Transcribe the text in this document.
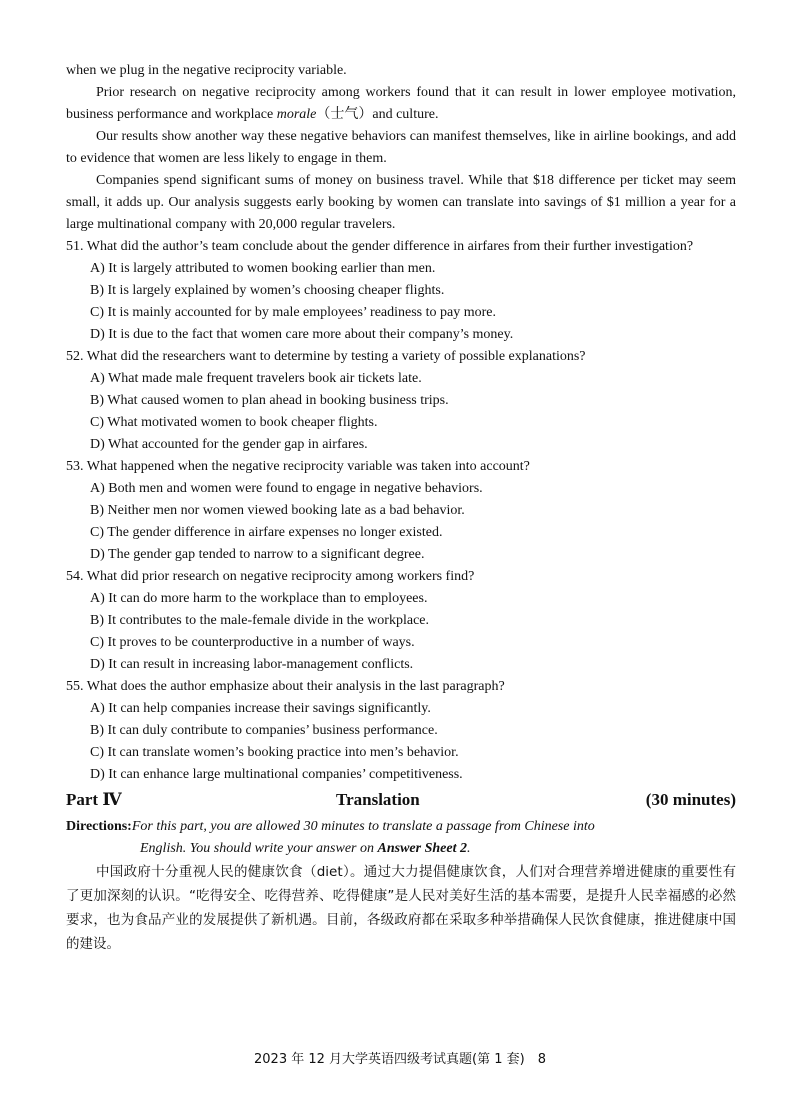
when we plug in the negative reciprocity variable.

Prior research on negative reciprocity among workers found that it can result in lower employee motivation, business performance and workplace morale（士气）and culture.

Our results show another way these negative behaviors can manifest themselves, like in airline bookings, and add to evidence that women are less likely to engage in them.

Companies spend significant sums of money on business travel. While that $18 difference per ticket may seem small, it adds up. Our analysis suggests early booking by women can translate into savings of $1 million a year for a large multinational company with 20,000 regular travelers.

51. What did the author’s team conclude about the gender difference in airfares from their further investigation?

A) It is largely attributed to women booking earlier than men.

B) It is largely explained by women’s choosing cheaper flights.

C) It is mainly accounted for by male employees’ readiness to pay more.

D) It is due to the fact that women care more about their company’s money.

52. What did the researchers want to determine by testing a variety of possible explanations?

A) What made male frequent travelers book air tickets late.

B) What caused women to plan ahead in booking business trips.

C) What motivated women to book cheaper flights.

D) What accounted for the gender gap in airfares.

53. What happened when the negative reciprocity variable was taken into account?

A) Both men and women were found to engage in negative behaviors.

B) Neither men nor women viewed booking late as a bad behavior.

C) The gender difference in airfare expenses no longer existed.

D) The gender gap tended to narrow to a significant degree.

54. What did prior research on negative reciprocity among workers find?

A) It can do more harm to the workplace than to employees.

B) It contributes to the male-female divide in the workplace.

C) It proves to be counterproductive in a number of ways.

D) It can result in increasing labor-management conflicts.

55. What does the author emphasize about their analysis in the last paragraph?

A) It can help companies increase their savings significantly.

B) It can duly contribute to companies’ business performance.

C) It can translate women’s booking practice into men’s behavior.

D) It can enhance large multinational companies’ competitiveness.

Part Ⅳ	Translation	(30 minutes)
Directions:For this part, you are allowed 30 minutes to translate a passage from Chinese into
English. You should write your answer on Answer Sheet 2.

中国政府十分重视人民的健康饮食（diet）。通过大力提倡健康饮食，人们对合理营养增进健康的重要性有了更加深刻的认识。“吃得安全、吃得营养、吃得健康”是人民对美好生活的基本需要，是提升人民幸福感的必然要求，也为食品产业的发展提供了新机遇。目前，各级政府都在采取多种举措确保人民饮食健康，推进健康中国的建设。

2023 年 12 月大学英语四级考试真题(第 1 套)　8
